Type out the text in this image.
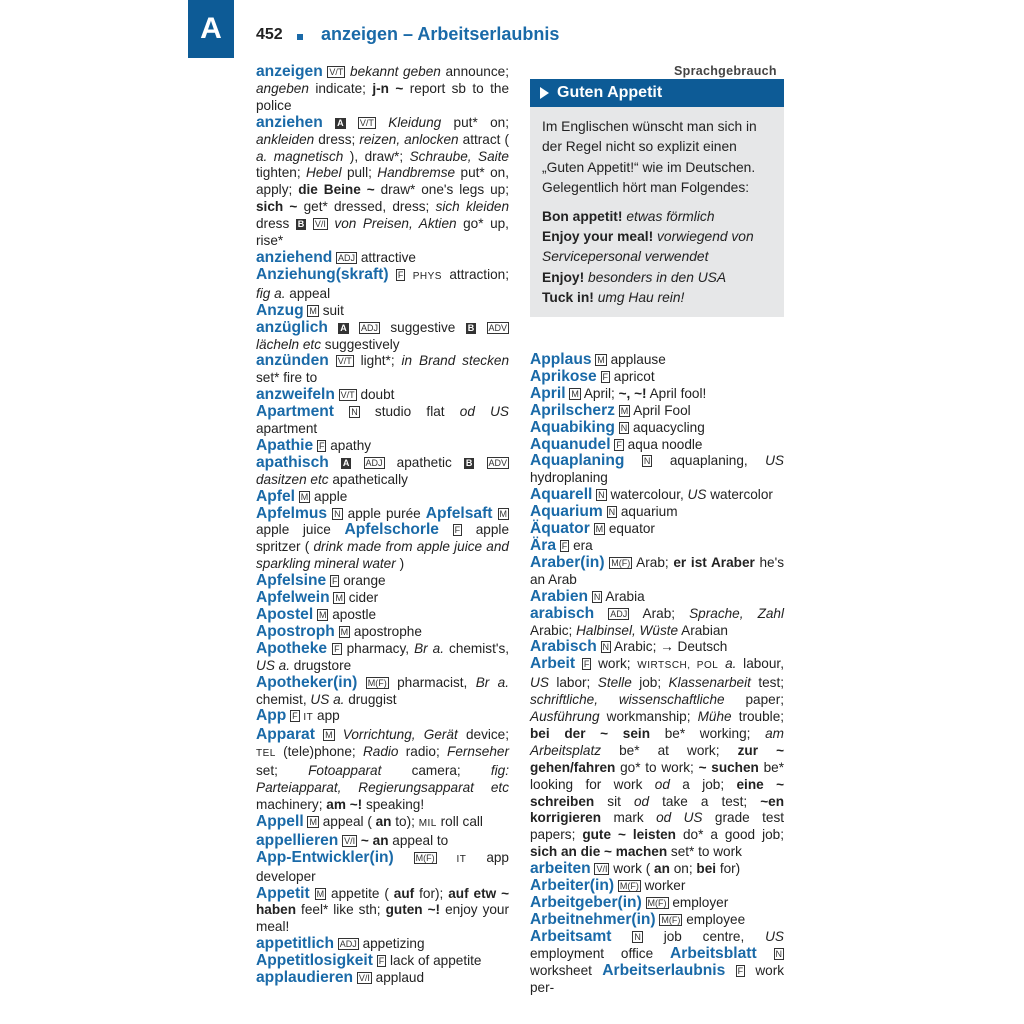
A 452 anzeigen – Arbeitserlaubnis
anzeigen V/T bekannt geben announce; angeben indicate; j-n ~ report sb to the police
anziehen A V/T Kleidung put* on; ankleiden dress; reizen, anlocken attract ( a. magnetisch ), draw*; Schraube, Saite tighten; Hebel pull; Handbremse put* on, apply; die Beine ~ draw* one's legs up; sich ~ get* dressed, dress; sich kleiden dress B V/I von Preisen, Aktien go* up, rise*
anziehend ADJ attractive
Anziehung(skraft) F PHYS attraction; fig a. appeal
Anzug M suit
anzüglich A ADJ suggestive B ADV lächeln etc suggestively
anzünden V/T light*; in Brand stecken set* fire to
anzweifeln V/T doubt
Apartment N studio flat od US apartment
Apathie F apathy
apathisch A ADJ apathetic B ADV dasitzen etc apathetically
Apfel M apple
Apfelmus N apple purée Apfelsaft M apple juice Apfelschorle F apple spritzer ( drink made from apple juice and sparkling mineral water )
Apfelsine F orange
Apfelwein M cider
Apostel M apostle
Apostroph M apostrophe
Apotheke F pharmacy, Br a. chemist's, US a. drugstore
Apotheker(in) M(F) pharmacist, Br a. chemist, US a. druggist
App F IT app
Apparat M Vorrichtung, Gerät device; TEL (tele)phone; Radio radio; Fernseher set; Fotoapparat camera; fig: Parteiapparat, Regierungsapparat etc machinery; am ~! speaking!
Appell M appeal ( an to); MIL roll call
appellieren V/I ~ an appeal to
App-Entwickler(in) M(F) IT app developer
Appetit M appetite ( auf for); auf etw ~ haben feel* like sth; guten ~! enjoy your meal!
appetitlich ADJ appetizing
Appetitlosigkeit F lack of appetite
applaudieren V/I applaud
Sprachgebrauch
Guten Appetit

Im Englischen wünscht man sich in der Regel nicht so explizit einen „Guten Appetit!“ wie im Deutschen. Gelegentlich hört man Folgendes:

Bon appetit! etwas förmlich
Enjoy your meal! vorwiegend von Servicepersonal verwendet
Enjoy! besonders in den USA
Tuck in! umg Hau rein!
Applaus M applause
Aprikose F apricot
April M April; ~, ~! April fool!
Aprilscherz M April Fool
Aquabiking N aquacycling
Aquanudel F aqua noodle
Aquaplaning N aquaplaning, US hydroplaning
Aquarell N watercolour, US watercolor
Aquarium N aquarium
Äquator M equator
Ära F era
Araber(in) M(F) Arab; er ist Araber he's an Arab
Arabien N Arabia
arabisch ADJ Arab; Sprache, Zahl Arabic; Halbinsel, Wüste Arabian
Arabisch N Arabic; → Deutsch
Arbeit F work; WIRTSCH, POL a. labour, US labor; Stelle job; Klassenarbeit test; schriftliche, wissenschaftliche paper; Ausführung workmanship; Mühe trouble; bei der ~ sein be* working; am Arbeitsplatz be* at work; zur ~ gehen/fahren go* to work; ~ suchen be* looking for work od a job; eine ~ schreiben sit od take a test; ~en korrigieren mark od US grade test papers; gute ~ leisten do* a good job; sich an die ~ machen set* to work
arbeiten V/I work ( an on; bei for)
Arbeiter(in) M(F) worker
Arbeitgeber(in) M(F) employer
Arbeitnehmer(in) M(F) employee
Arbeitsamt	N job centre, US employment office Arbeitsblatt N worksheet Arbeitserlaubnis F work per-
